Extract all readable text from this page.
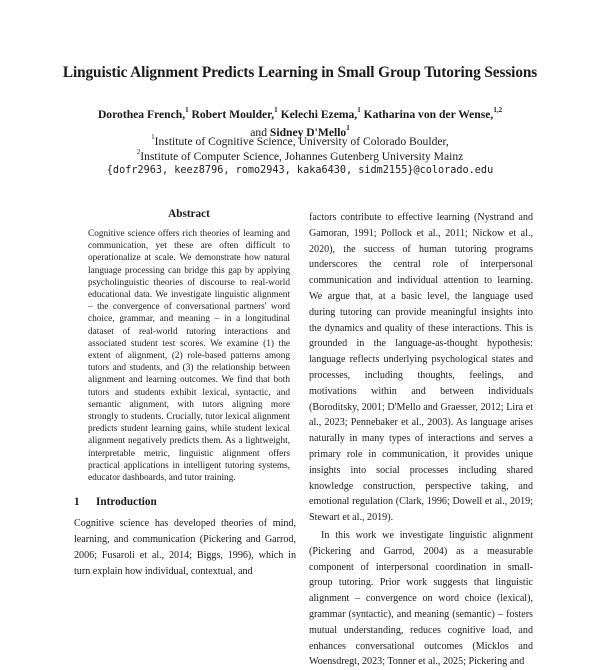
Linguistic Alignment Predicts Learning in Small Group Tutoring Sessions
Dorothea French,$^1$ Robert Moulder,$^1$ Kelechi Ezema,$^1$ Katharina von der Wense,$^{1,2}$
and Sidney D'Mello$^1$
$^1$Institute of Cognitive Science, University of Colorado Boulder,
$^2$Institute of Computer Science, Johannes Gutenberg University Mainz
{dofr2963, keez8796, romo2943, kaka6430, sidm2155}@colorado.edu
Abstract

Cognitive science offers rich theories of learning and communication, yet these are often difficult to operationalize at scale. We demonstrate how natural language processing can bridge this gap by applying psycholinguistic theories of discourse to real-world educational data. We investigate linguistic alignment – the convergence of conversational partners' word choice, grammar, and meaning – in a longitudinal dataset of real-world tutoring interactions and associated student test scores. We examine (1) the extent of alignment, (2) role-based patterns among tutors and students, and (3) the relationship between alignment and learning outcomes. We find that both tutors and students exhibit lexical, syntactic, and semantic alignment, with tutors aligning more strongly to students. Crucially, tutor lexical alignment predicts student learning gains, while student lexical alignment negatively predicts them. As a lightweight, interpretable metric, linguistic alignment offers practical applications in intelligent tutoring systems, educator dashboards, and tutor training.

1 Introduction

Cognitive science has developed theories of mind, learning, and communication (Pickering and Garrod, 2006; Fusaroli et al., 2014; Biggs, 1996), which in turn explain how individual, contextual, and

factors contribute to effective learning (Nystrand and Gamoran, 1991; Pollock et al., 2011; Nickow et al., 2020), the success of human tutoring programs underscores the central role of interpersonal communication and individual attention to learning. We argue that, at a basic level, the language used during tutoring can provide meaningful insights into the dynamics and quality of these interactions. This is grounded in the language-as-thought hypothesis: language reflects underlying psychological states and processes, including thoughts, feelings, and motivations within and between individuals (Boroditsky, 2001; D'Mello and Graesser, 2012; Lira et al., 2023; Pennebaker et al., 2003). As language arises naturally in many types of interactions and serves a primary role in communication, it provides unique insights into social processes including shared knowledge construction, perspective taking, and emotional regulation (Clark, 1996; Dowell et al., 2019; Stewart et al., 2019).

In this work we investigate linguistic alignment (Pickering and Garrod, 2004) as a measurable component of interpersonal coordination in small-group tutoring. Prior work suggests that linguistic alignment – convergence on word choice (lexical), grammar (syntactic), and meaning (semantic) – fosters mutual understanding, reduces cognitive load, and enhances conversational outcomes (Micklos and Woensdregt, 2023; Tonner et al., 2025; Pickering and
